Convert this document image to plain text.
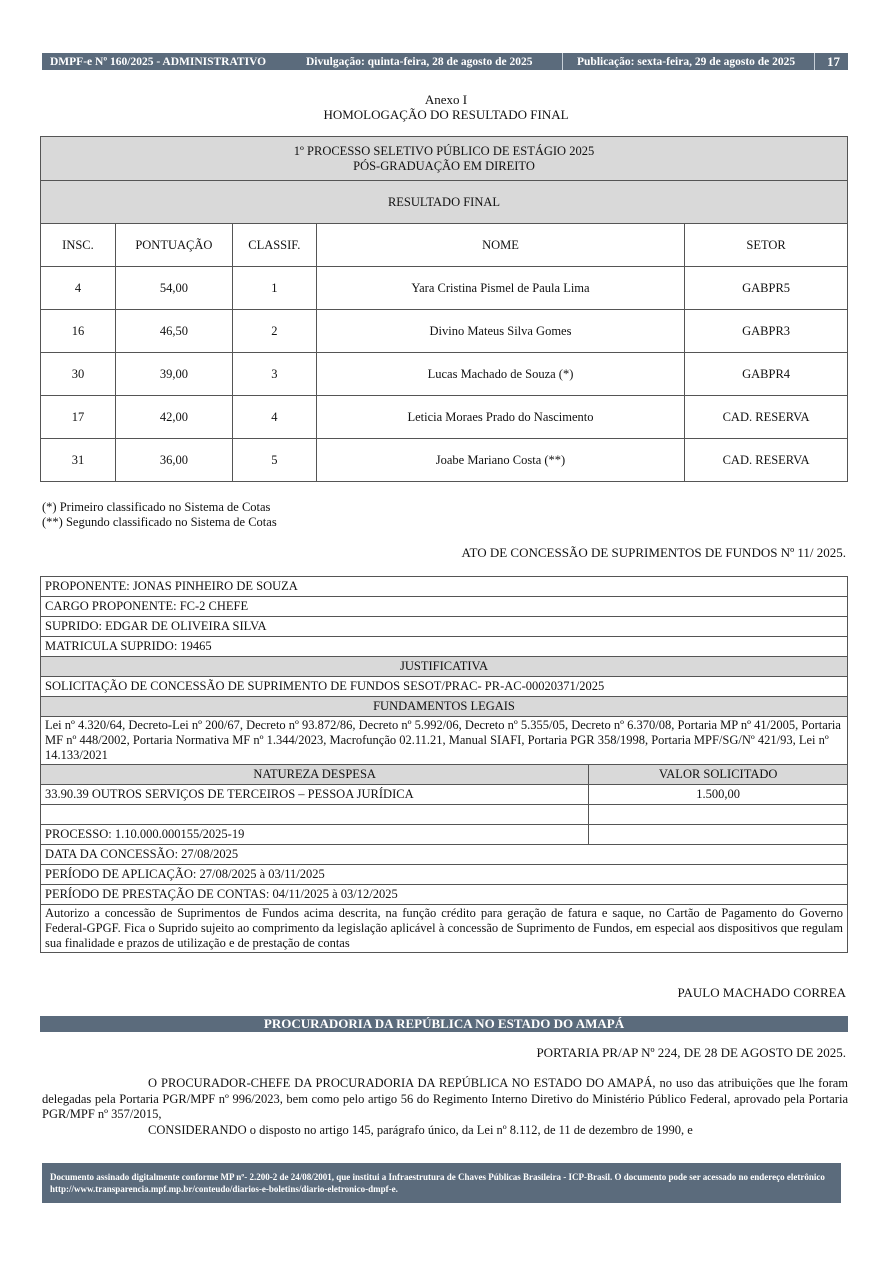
DMPF-e Nº 160/2025 - ADMINISTRATIVO	Divulgação: quinta-feira, 28 de agosto de 2025	Publicação: sexta-feira, 29 de agosto de 2025 17
Anexo I
HOMOLOGAÇÃO DO RESULTADO FINAL
1º PROCESSO SELETIVO PÚBLICO DE ESTÁGIO 2025
PÓS-GRADUAÇÃO EM DIREITO				

RESULTADO FINAL				
INSC.	PONTUAÇÃO	CLASSIF.	NOME	SETOR
4	54,00	1	Yara Cristina Pismel de Paula Lima	GABPR5
16	46,50	2	Divino Mateus Silva Gomes	GABPR3
30	39,00	3	Lucas Machado de Souza (*)	GABPR4
17	42,00	4	Leticia Moraes Prado do Nascimento	CAD. RESERVA
31	36,00	5	Joabe Mariano Costa (**)	CAD. RESERVA
(*) Primeiro classificado no Sistema de Cotas
(**) Segundo classificado no Sistema de Cotas
ATO DE CONCESSÃO DE SUPRIMENTOS DE FUNDOS Nº 11/ 2025.
PROPONENTE: JONAS PINHEIRO DE SOUZA	
CARGO PROPONENTE: FC-2 CHEFE	
SUPRIDO: EDGAR DE OLIVEIRA SILVA	
MATRICULA SUPRIDO: 19465	
JUSTIFICATIVA	
SOLICITAÇÃO DE CONCESSÃO DE SUPRIMENTO DE FUNDOS SESOT/PRAC- PR-AC-00020371/2025	
FUNDAMENTOS LEGAIS	
Lei nº 4.320/64, Decreto-Lei nº 200/67, Decreto nº 93.872/86, Decreto nº 5.992/06, Decreto nº 5.355/05, Decreto nº 6.370/08, Portaria MP nº 41/2005, Portaria MF nº 448/2002, Portaria Normativa MF nº 1.344/2023, Macrofunção 02.11.21, Manual SIAFI, Portaria PGR 358/1998, Portaria MPF/SG/Nº 421/93, Lei nº 14.133/2021	
NATUREZA DESPESA	VALOR SOLICITADO
33.90.39 OUTROS SERVIÇOS DE TERCEIROS – PESSOA JURÍDICA	1.500,00

PROCESSO: 1.10.000.000155/2025-19	
DATA DA CONCESSÃO: 27/08/2025	
PERÍODO DE APLICAÇÃO: 27/08/2025 à 03/11/2025	
PERÍODO DE PRESTAÇÃO DE CONTAS: 04/11/2025 à 03/12/2025	
Autorizo a concessão de Suprimentos de Fundos acima descrita, na função crédito para geração de fatura e saque, no Cartão de Pagamento do Governo Federal-GPGF. Fica o Suprido sujeito ao comprimento da legislação aplicável à concessão de Suprimento de Fundos, em especial aos dispositivos que regulam sua finalidade e prazos de utilização e de prestação de contas	
PAULO MACHADO CORREA
PROCURADORIA DA REPÚBLICA NO ESTADO DO AMAPÁ
PORTARIA PR/AP Nº 224, DE 28 DE AGOSTO DE 2025.

O PROCURADOR-CHEFE DA PROCURADORIA DA REPÚBLICA NO ESTADO DO AMAPÁ, no uso das atribuições que lhe foram delegadas pela Portaria PGR/MPF nº 996/2023, bem como pelo artigo 56 do Regimento Interno Diretivo do Ministério Público Federal, aprovado pela Portaria PGR/MPF nº 357/2015,

CONSIDERANDO o disposto no artigo 145, parágrafo único, da Lei nº 8.112, de 11 de dezembro de 1990, e

Documento assinado digitalmente conforme MP nº- 2.200-2 de 24/08/2001, que institui a Infraestrutura de Chaves Públicas Brasileira - ICP-Brasil. O documento pode ser acessado no endereço eletrônico http://www.transparencia.mpf.mp.br/conteudo/diarios-e-boletins/diario-eletronico-dmpf-e.
